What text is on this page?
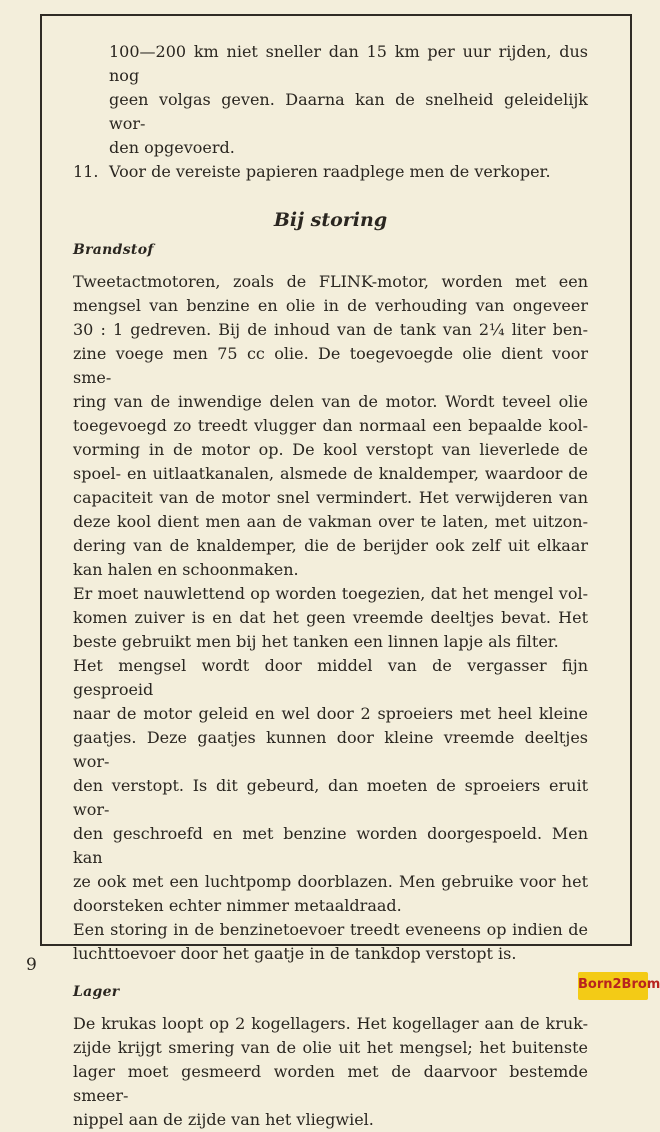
100—200 km niet sneller dan 15 km per uur rijden, dus nog
geen volgas geven. Daarna kan de snelheid geleidelijk wor-
den opgevoerd.
11. Voor de vereiste papieren raadplege men de verkoper.
Bij storing
Brandstof
Tweetactmotoren, zoals de FLINK-motor, worden met een
mengsel van benzine en olie in de verhouding van ongeveer
30 : 1 gedreven. Bij de inhoud van de tank van 2¼ liter ben-
zine voege men 75 cc olie. De toegevoegde olie dient voor sme-
ring van de inwendige delen van de motor. Wordt teveel olie
toegevoegd zo treedt vlugger dan normaal een bepaalde kool-
vorming in de motor op. De kool verstopt van lieverlede de
spoel- en uitlaatkanalen, alsmede de knaldemper, waardoor de
capaciteit van de motor snel vermindert. Het verwijderen van
deze kool dient men aan de vakman over te laten, met uitzon-
dering van de knaldemper, die de berijder ook zelf uit elkaar
kan halen en schoonmaken.
Er moet nauwlettend op worden toegezien, dat het mengel vol-
komen zuiver is en dat het geen vreemde deeltjes bevat. Het
beste gebruikt men bij het tanken een linnen lapje als filter.
Het mengsel wordt door middel van de vergasser fijn gesproeid
naar de motor geleid en wel door 2 sproeiers met heel kleine
gaatjes. Deze gaatjes kunnen door kleine vreemde deeltjes wor-
den verstopt. Is dit gebeurd, dan moeten de sproeiers eruit wor-
den geschroefd en met benzine worden doorgespoeld. Men kan
ze ook met een luchtpomp doorblazen. Men gebruike voor het
doorsteken echter nimmer metaaldraad.
Een storing in de benzinetoevoer treedt eveneens op indien de
luchttoevoer door het gaatje in de tankdop verstopt is.
Lager
De krukas loopt op 2 kogellagers. Het kogellager aan de kruk-
zijde krijgt smering van de olie uit het mengsel; het buitenste
lager moet gesmeerd worden met de daarvoor bestemde smeer-
nippel aan de zijde van het vliegwiel.
9
Born2Brom
